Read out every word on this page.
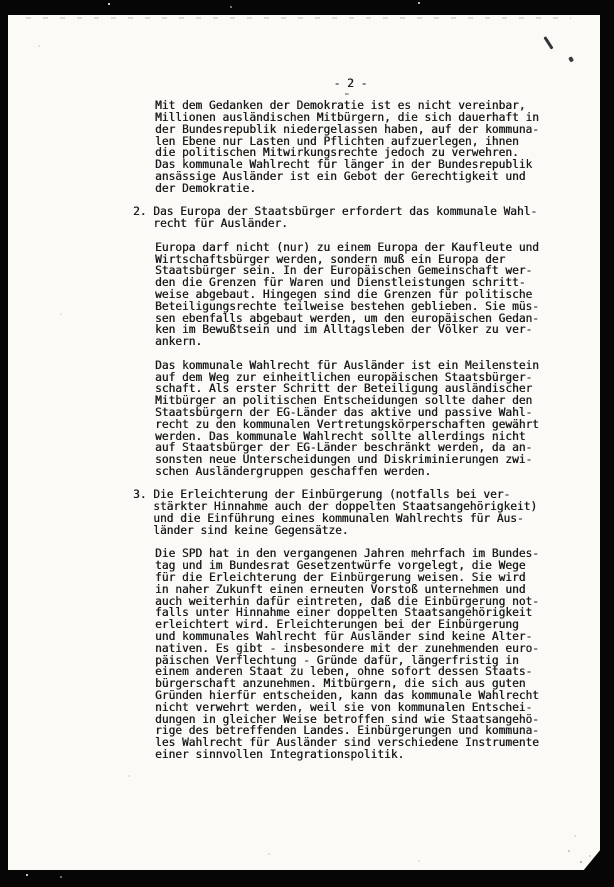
- 2 -
Mit dem Gedanken der Demokratie ist es nicht vereinbar,
Millionen ausländischen Mitbürgern, die sich dauerhaft in
der Bundesrepublik niedergelassen haben, auf der kommuna-
len Ebene nur Lasten und Pflichten aufzuerlegen, ihnen
die politischen Mitwirkungsrechte jedoch zu verwehren.
Das kommunale Wahlrecht für länger in der Bundesrepublik
ansässige Ausländer ist ein Gebot der Gerechtigkeit und
der Demokratie.
2. Das Europa der Staatsbürger erfordert das kommunale Wahl-
recht für Ausländer.
Europa darf nicht (nur) zu einem Europa der Kaufleute und
Wirtschaftsbürger werden, sondern muß ein Europa der
Staatsbürger sein. In der Europäischen Gemeinschaft wer-
den die Grenzen für Waren und Dienstleistungen schritt-
weise abgebaut. Hingegen sind die Grenzen für politische
Beteiligungsrechte teilweise bestehen geblieben. Sie müs-
sen ebenfalls abgebaut werden, um den europäischen Gedan-
ken im Bewußtsein und im Alltagsleben der Völker zu ver-
ankern.
Das kommunale Wahlrecht für Ausländer ist ein Meilenstein
auf dem Weg zur einheitlichen europäischen Staatsbürger-
schaft. Als erster Schritt der Beteiligung ausländischer
Mitbürger an politischen Entscheidungen sollte daher den
Staatsbürgern der EG-Länder das aktive und passive Wahl-
recht zu den kommunalen Vertretungskörperschaften gewährt
werden. Das kommunale Wahlrecht sollte allerdings nicht
auf Staatsbürger der EG-Länder beschränkt werden, da an-
sonsten neue Unterscheidungen und Diskriminierungen zwi-
schen Ausländergruppen geschaffen werden.
3. Die Erleichterung der Einbürgerung (notfalls bei ver-
stärkter Hinnahme auch der doppelten Staatsangehörigkeit)
und die Einführung eines kommunalen Wahlrechts für Aus-
länder sind keine Gegensätze.
Die SPD hat in den vergangenen Jahren mehrfach im Bundes-
tag und im Bundesrat Gesetzentwürfe vorgelegt, die Wege
für die Erleichterung der Einbürgerung weisen. Sie wird
in naher Zukunft einen erneuten Vorstoß unternehmen und
auch weiterhin dafür eintreten, daß die Einbürgerung not-
falls unter Hinnahme einer doppelten Staatsangehörigkeit
erleichtert wird. Erleichterungen bei der Einbürgerung
und kommunales Wahlrecht für Ausländer sind keine Alter-
nativen. Es gibt - insbesondere mit der zunehmenden euro-
päischen Verflechtung - Gründe dafür, längerfristig in
einem anderen Staat zu leben, ohne sofort dessen Staats-
bürgerschaft anzunehmen. Mitbürgern, die sich aus guten
Gründen hierfür entscheiden, kann das kommunale Wahlrecht
nicht verwehrt werden, weil sie von kommunalen Entschei-
dungen in gleicher Weise betroffen sind wie Staatsangehö-
rige des betreffenden Landes. Einbürgerungen und kommuna-
les Wahlrecht für Ausländer sind verschiedene Instrumente
einer sinnvollen Integrationspolitik.
